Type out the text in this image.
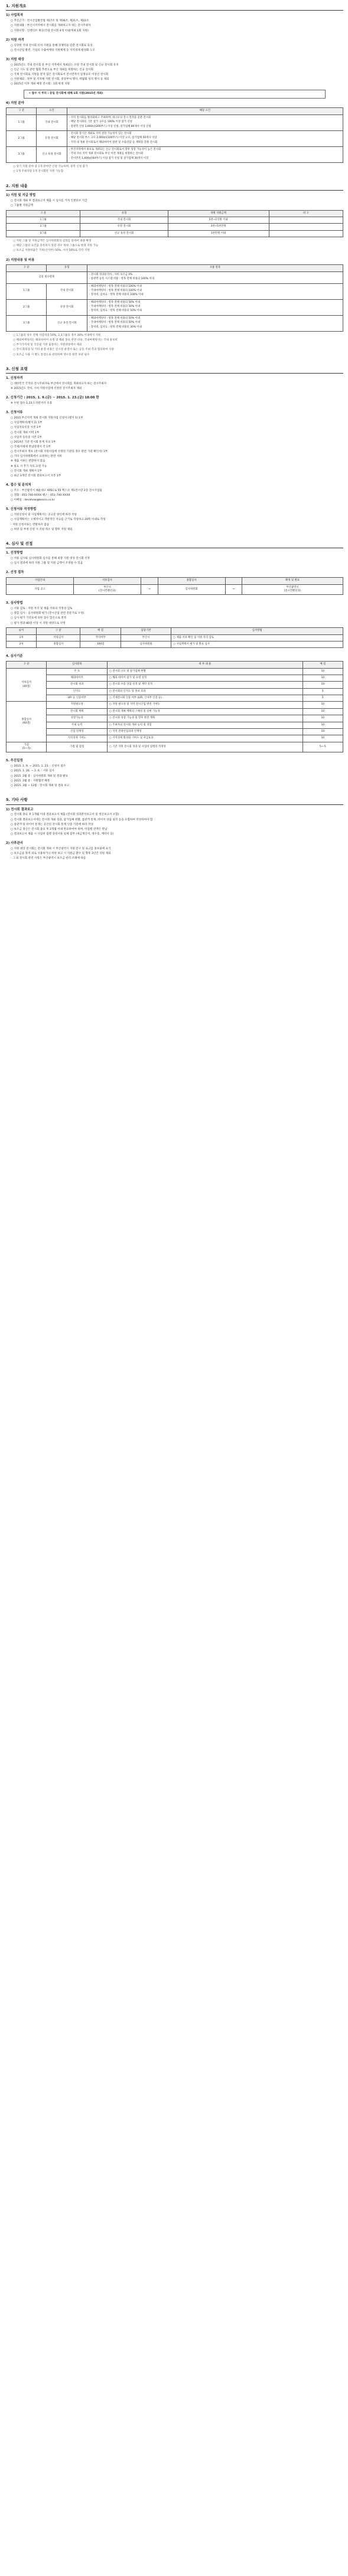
1. 지원개요
1) 사업목적
○ 추진근거 : 전시산업발전법 제17조 및 제36조, 제21조, 제22조
○ 지원내용 : 부산시지역에서 전시회를 개최하고자 하는 전시주최자
○ 지원유형 : 인센티브 제공(국내 전시회 4개 이내/개최 1회 지원)
2) 지원 자격
○ 유망한 국내 전시회 유치·지원을 통해 경쟁력을 갖춘 전시회로 육성
○ 전시산업 발전, 기업의 수출마케팅 지원체계 등 지역경제 활성화 도모
3) 지원 대상
○ 2015년도 국내 전시회 중 부산 지역에서 개최되는 유망 국내 전시회 및 신규 전시회 유치
○ 인근 시도 및 관련 협회 추천으로 부산 개최를 희망하는 신규 전시회
○ 국제 전시회로 지원을 받지 않은 전시회로서 전시면적이 일정규모 이상인 전시회
○ 지원제외 : 정부 및 지자체 지원 전시회, 중앙부처 행사, 박람회 성격 행사 등 제외
○ 2015년 이후 개최 예정 전시회 : 1회 한정 지원
• 접수 시 주의 : 동일 전시회에 대해 1회 지원(2015년 개최)
4) 지원 분야
구 분	요건	해당 요건
1그룹	국내 전시회	- 지역 전시회를 활성화하고 주최하며, 대규모의 전시 면적을 갖춘 전시회

- 해당 전시회의 기존 참가 규모를 100% 이상 참가 신청

- 참관객 신청 3,000㎡(200부스) 이상 신청, 참가업체 80개사 이상 신청

2그룹	유망 전시회	- 전시회 장기간 개최로 지역 성장 가능성이 있는 전시회

- 해당 전시회 부스 규모 2,000㎡(100부스) 이상 규모, 참가업체 50개사 이상

- 지역 내 개최 전시회로서 해외바이어 참관 및 수출상담 등 계획을 갖춘 전시회

3그룹	신규 육성 전시회	- 부산지역에서 최초로 개최되는 신규 전시회로서 향후 성장 가능성이 높은 전시회

- 국내 다른 지역 개최 전시회로 부산 이전 개최를 희망하는 전시회

- 전시면적 1,400㎡(64부스) 이상 참가 신청 및 참가업체 30개사 이상

○ 상기 지원 분야 중 1개 분야만 신청 가능하며, 중복 신청 불가
○ 1개 주최자당 1개 전시회만 지원 가능함
2. 지원 내용
1) 지원 및 지급 방법
○ 전시회 개최 후 결과보고서 제출 시 심사를 거쳐 인센티브 지급
○ 그룹별 지원금액
구 분	유형	개별 지원금액	비 고
1그룹	국내 전시회	5천~1억원 이내	
2그룹	유망 전시회	3천~5천만원	
3그룹	신규 육성 전시회	3천만원 이내	
○ 지원 그룹 및 지원금액은 심사위원회의 심의를 통하여 최종 확정
○ 해당 그룹의 요건을 충족하지 못할 경우 하위 그룹으로 변경 지원 가능
○ 보조금 지원비율은 국비(산자부) 50%, 시비 50%로 각각 지원
2) 지원내용 및 비용
구 분	유형	사용 항목
공통 필수항목		- 전시회 성과분석비 : 사비 보조금 0%

- 참관객 등록 시스템 비용 : 항목 전체 비용의 100% 이내

1그룹	국내 전시회	- 해외마케팅비 : 항목 전체 비용의 100% 이내

- 국내마케팅비 : 항목 전체 비용의 100% 이내

- 장치비, 임차료 : 항목 전체 비용의 100% 이내

2그룹	유망 전시회	- 해외마케팅비 : 항목 전체 비용의 50% 이내

- 국내마케팅비 : 항목 전체 비용의 50% 이내

- 장치비, 임차료 : 항목 전체 비용의 50% 이내

3그룹	신규 육성 전시회	- 해외마케팅비 : 항목 전체 비용의 50% 이내

- 국내마케팅비 : 항목 전체 비용의 50% 이내

- 장치비, 임차료 : 항목 전체 비용의 30% 이내

○ 1그룹의 경우 전체 사업비의 50%, 2,3그룹의 경우 30% 이내에서 지원
○ 해외마케팅비는 해외바이어 초청 및 해외 홍보 관련 비용, 국내마케팅비는 국내 홍보비
○ 부가가치세 및 국공립 기관 출장비는 지원대상에서 제외
○ 전시 회의실 및 기타 운영 비용은 전시장 운영사 또는 공동 주최 측과 협의하여 사용
○ 보조금 사용 시 별도 통장으로 관리하며 영수증 원본 보관 필수
3. 신청 요령
1. 신청자격
○ 대한민국 국적의 전시주최자로 부산에서 전시회를 개최하고자 하는 전시주최자
※ 2015년도 국비, 시비 지원사업에 선정된 전시주최자 제외
2. 신청기간 : 2015. 1. 9.(금) ~ 2015. 1. 23.(금) 18:00 한
※ 우편 접수 1.23.도착분까지 유효
3. 신청서류
○ 2015 부산지역 개최 전시회 지원사업 신청서 (별지 1) 1부
○ 사업계획서(별지 2) 1부
○ 사업자등록증 사본 1부
○ 전시회 개최 이력 1부
○ 사업자 등록증 사본 1부
○ 2014년 기준 전시회 통계 자료 1부
○ 국세/지방세 완납증명서 각 1부
○ 전시주최자 정보 (전시회 지원사업에 선정된 기관의 경우 관련 기관 확인서) 1부
○ 기타 심사위원회에서 요청하는 관련 서류
※ 제출 서류는 반환하지 않음
※ 필요 시 추가 자료 요청 가능
○ 전시회 개최 계획서 1부
○ 최근 3개년 전시회 결과보고서 사본 1부
4. 접수 및 문의처
○ 주소 : 부산광역시 해운대구 APEC로 55 벡스코 제1전시장 2층 전시사업팀
○ 전화 : 051-740-XXXX 팩스 : 051-740-XXXX
○ 이메일 : devshow@bexco.co.kr
5. 신청서류 작성방법
○ 지원신청서 및 사업계획서는 공고문 양식에 따라 작성
○ 사업계획서는 구체적이고 객관적인 자료를 근거로 작성하고 20쪽 이내로 작성
- 지원 신청서류는 반환하지 않음
○ 허위 및 부정 신청 시 지원 취소 및 향후 지원 제외
4. 심사 및 선정
1. 선정방법
○ 서류 심사와 심사위원회 심사를 통해 최종 지원 대상 전시회 선정
○ 심사 결과에 따라 지원 그룹 및 지원 금액이 조정될 수 있음
2. 선정 절차
사업안내	서류검사		종합심사		확정 및 발표
사업 공고	부산시
(전시컨벤션과)	→	심사위원회	→	부산광역시
(전시컨벤션과)
3. 심사방법
○ 서류 검토 : 지원 자격 및 제출 서류의 적정성 검토
○ 종합 심사 : 심사위원회 평가 (전시산업 관련 전문가로 구성)
○ 심사 평가 기준표에 의한 점수 합산으로 결정
○ 평가 결과 80점 이상 시 지원 대상으로 선정
순서	구 분	배 점	담당기관	심사방법
1차	서류심사	적격여부	부산시	○ 제출 서류 확인 및 지원 자격 검토
2차	종합심사	100점	심사위원회	○ 사업계획서 평가 및 발표 심사
4. 심사기준
구 분	심사항목	세 부 내 용	배 점
서류심사
(40점)	주 요	○ 전시회 규모 및 참가업체 현황	10
	해외바이어	○ 해외 바이어 참가 및 초청 실적	10
	전시회 성과	○ 전시회 수출 상담 실적 및 계약 실적	10
	인지도	○ 전시회의 인지도 및 홍보 효과	5
	UFI 등 인증여부	○ 국제전시회 인증 여부 (UFI, 산자부 인증 등)	5
종합심사
(60점)	지원필요성	○ 지원 필요성 및 지역 전시산업 발전 기여도	10
	전시회 계획	○ 전시회 개최 계획의 구체성 및 실현 가능성	10
	성장가능성	○ 전시회 성장 가능성 및 향후 발전 계획	10
	주최 능력	○ 주최자의 전시회 개최 능력 및 경험	10
	산업 연계성	○ 지역 전략산업과의 연계성	10
	지역경제 기여도	○ 지역경제 활성화 기여도 및 파급효과	10
가점
(5~-5)	가점 및 감점	○ 기존 지원 전시회 성과 및 사업비 집행의 적정성	5~-5
5. 추진일정
○ 2015. 1. 9. ~ 2015. 1. 23. : 신청서 접수
○ 2015. 1. 26. ~ 2. 6. : 서류 심사
○ 2015. 2월 중 : 심사위원회 개최 및 결과 발표
○ 2015. 2월 중 : 지원협약 체결
○ 2015. 3월 ~ 12월 : 전시회 개최 및 결과 보고
5. 기타 사항
1) 전시회 결과보고
○ 전시회 종료 후 1개월 이내 결과보고서 제출 (전시회 성과분석보고서 및 정산보고서 포함)
○ 전시회 결과보고서에는 전시회 개최 성과, 참가업체 현황, 참관객 통계, 바이어 상담 실적 등을 포함하여 작성하여야 함
○ 참관객 및 바이어 통계는 공인된 전시회 통계 인증 기준에 따라 작성
○ 보조금 정산은 전시회 종료 후 2개월 이내 완료하여야 하며, 미집행 잔액은 반납
○ 결과보고서 제출 시 사업비 집행 증빙서류 일체 첨부 (세금계산서, 영수증, 계약서 등)
2) 사후관리
○ 지원 대상 전시회는 전시회 개최 시 부산광역시 지원 문구 및 로고를 홍보물에 표기
○ 보조금을 목적 외로 사용하거나 허위 보고 시 지원금 환수 및 향후 3년간 지원 제외
- 그 외 전시회 관련 사항은 부산광역시 보조금 관리 조례에 따름
